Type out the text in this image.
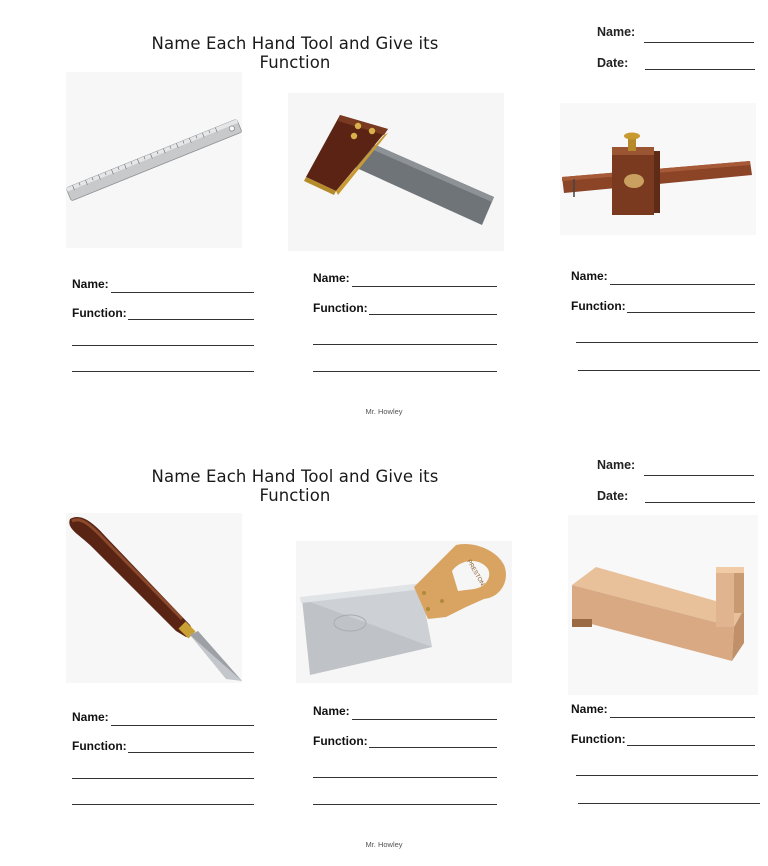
Name Each Hand Tool and Give its Function
Name:
Date:
Name:
Function:
Name:
Function:
Name:
Function:
Mr. Howley
Name Each Hand Tool and Give its Function
Name:
Date:
PRESTON
Name:
Function:
Name:
Function:
Name:
Function:
Mr. Howley
